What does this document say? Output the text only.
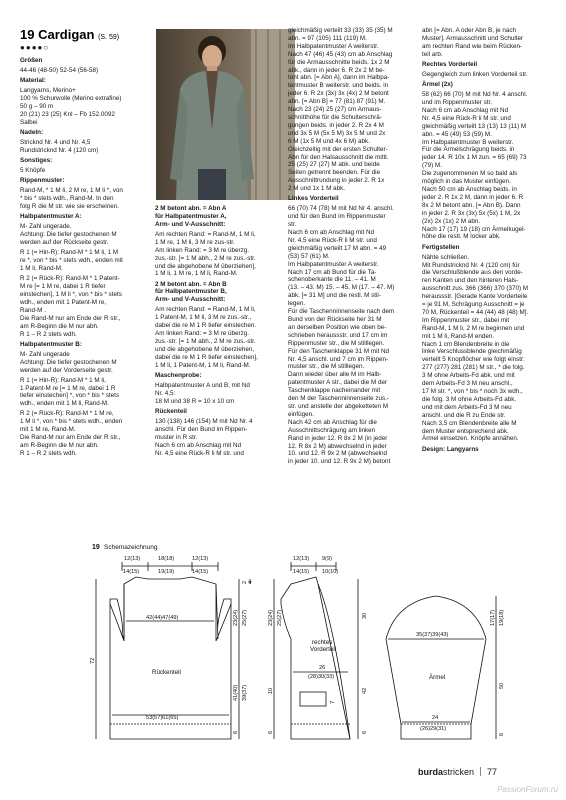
19 Cardigan (S. 59)
●●●●○

Größen

44-46 (48-50) 52-54 (56-58)

Material:

Langyarns, Merino+
100 % Schurwolle (Merino extrafine)
50 g – 90 m
20 (21) 23 (25) Knl – Fb 152.0092
Salbei

Nadeln:

Stricknd Nr. 4 und Nr. 4,5
Rundstricknd Nr. 4 (120 cm)

Sonstiges:

5 Knöpfe

Rippenmuster:

Rand-M, * 1 M li, 2 M re, 1 M li *, von
* bis * stets wdh., Rand-M. In den
folg R die M str. wie sie erscheinen.

Halbpatentmuster A:

M- Zahl ungerade.
Achtung: Die tiefer gestochenen M
werden auf der Rückseite gestr.

R 1 (= Hin-R): Rand-M * 1 M li, 1 M
re *, von * bis * stets wdh., enden mit
1 M li, Rand-M.

R 2 (= Rück-R): Rand-M * 1 Patent-
M re [= 1 M re, dabei 1 R tiefer
einstechen], 1 M li *, von * bis * stets
wdh., enden mit 1 Patent-M re,
Rand-M .
Die Rand-M nur am Ende der R str.,
am R-Beginn die M nur abh.
R 1 – R 2 stets wdh.

Halbpatentmuster B:

M- Zahl ungerade
Achtung: Die tiefer gestochenen M
werden auf der Vorderseite gestr.

R 1 (= Hin-R): Rand-M * 1 M li,
1 Patent-M re [= 1 M re, dabei 1 R
tiefer einstechen] *, von * bis * stets
wdh., enden mit 1 M li, Rand-M.

R 2 (= Rück-R): Rand-M * 1 M re,
1 M li *, von * bis * stets wdh., enden
mit 1 M re, Rand-M.
Die Rand-M nur am Ende der R str.,
am R-Beginn die M nur abh.
R 1 – R 2 stets wdh.

2 M betont abn. = Abn A
für Halbpatentmuster A,
Arm- und V-Ausschnitt:

Am rechten Rand: = Rand-M, 1 M li,
1 M re, 1 M li, 3 M re zus-str.
Am linken Rand: = 3 M re überzg.
zus.-str. [= 1 M abh., 2 M re zus.-str.
und die abgehobene M überziehen],
1 M li, 1 M re, 1 M li, Rand-M.

2 M betont abn. = Abn B
für Halbpatentmuster B,
Arm- und V-Ausschnitt:

Am rechten Rand: = Rand-M, 1 M li,
1 Patent-M, 1 M li, 3 M re zus.-str.,
dabei die re M 1 R tiefer einstechen.
Am linken Rand: = 3 M re überzg.
zus.-str. [= 1 M abh., 2 M re zus.-str.
und die abgehobene M überziehen,
dabei die re M 1 R tiefer einstechen],
1 M li, 1 Patent-M, 1 M li, Rand-M.

Maschenprobe:

Halbpatentmuster A und B, mit Nd
Nr. 4,5:
18 M und 38 R = 10 x 10 cm

Rückenteil

130 (138) 146 (154) M mit Nd Nr. 4
anschl. Für den Bund im Rippen-
muster in R str.
Nach 6 cm ab Anschlag mit Nd
Nr. 4,5 eine Rück-R li M str. und

gleichmäßig verteilt 33 (33) 35 (35) M
abn. = 97 (105) 111 (119) M.
Im Halbpatentmuster A weiterstr.
Nach 47 (46) 45 (43) cm ab Anschlag
für die Armausschnitte beids. 1x 2 M
abk., dann in jeder 6. R 2x 2 M be-
tont abn. [= Abn A], dann im Halbpa-
tentmuster B weiterstr. und beids. in
jeder 6. R 2x (3x) 3x (4x) 2 M betont
abn. [= Abn B] = 77 (81) 87 (91) M.
Nach 23 (24) 25 (27) cm Armaus-
schnitthöhe für die Schulterschrä-
gungen beids. in jeder 2. R 2x 4 M
und 3x 5 M (5x 5 M) 3x 5 M und 2x
6 M (1x 5 M und 4x 6 M) abk.
Gleichzeitig mit der ersten Schulter-
Abn für den Halsausschnitt die mittl.
25 (25) 27 (27) M abk. und beide
Seiten getrennt beenden. Für die
Ausschnittrundung in jeder 2. R 1x
2 M und 1x 1 M abk.

Linkes Vorderteil

66 (70) 74 (78) M mit Nd Nr 4. anschl.
und für den Bund im Rippenmuster
str.
Nach 6 cm ab Anschlag mit Nd
Nr. 4,5 eine Rück-R li M str. und
gleichmäßig verteilt 17 M abn. = 49
(53) 57 (61) M.
Im Halbpatentmuster A weiterstr.
Nach 17 cm ab Bund für die Ta-
schenoberkante die 11. – 41. M
(13. – 43. M) 15. – 45. M (17. – 47. M)
abk. [= 31 M] und die restl. M stil-
legen.
Für die Taschenninnenseite nach dem
Bund von der Rückseite her 31 M
an derselben Position wie oben be-
schrieben heraussstr. und 17 cm im
Rippenmuster str., die M stilllegen.
Für den Taschenklappe 31 M mit Nd
Nr. 4,5 anschl. und 7 cm im Rippen-
muster str., die M stilllegen.
Dann wieder über alle M im Halb-
patentmuster A str., dabei die M der
Taschenklappe nacheinander mit
den M der Taschenninnenseite zus.-
str. und anstelle der abgeketteten M
einfügen.
Nach 42 cm ab Anschlag für die
Ausschnittschrägung am linken
Rand in jeder 12. R 8x 2 M (in jeder
12. R 8x 2 M) abwechselnd in jeder
10. und 12. R 9x 2 M (abwechselnd
in jeder 10. und 12. R 9x 2 M) betont

abn [= Abn. A oder Abn B, je nach
Muster]. Armausschnitt und Schulter
am rechten Rand wie beim Rücken-
teil arb.

Rechtes Vorderteil

Gegengleich zum linken Vorderteil str.

Ärmel (2x)

58 (62) 66 (70) M mit Nd Nr. 4 anschl.
und im Rippenmuster str.
Nach 6 cm ab Anschlag mit Nd
Nr. 4,5 eine Rück-R li M str. und
gleichmäßig verteilt 13 (13) 13 (11) M
abn. = 45 (49) 53 (59) M.
Im Halbpatentmuster B weiterstr.
Für die Ärmelschrägung beids. in
jeder 14. R 10x 1 M zun. = 65 (69) 73
(79) M.
Die zugenommenen M so bald als
möglich in das Muster einfügen.
Nach 50 cm ab Anschlag beids. in
jeder 2. R 1x 2 M, dann in jeder 6. R
8x 2 M betont abn. [= Abn B). Dann
in jeder 2. R 3x (3x) 5x (5x) 1 M, 2x
(2x) 2x (1x) 2 M abn.
Nach 17 (17) 19 (18) cm Ärmelkugel-
höhe die restl. M locker abk.

Fertigstellen

Nähte schließen.
Mit Rundstricknd Nr. 4 (120 cm) für
die Verschlußblende aus den vorde-
ren Kanten und den hinteren Hals-
ausschnitt zus. 366 (366) 370 (370) M
heraussstr. [Gerade Kante Vorderteile
= je 91 M, Schrägung Ausschnitt = je
70 M, Rückenteil = 44 (44) 48 (48) M].
Im Rippenmuster str., dabei mit
Rand-M, 1 M li, 2 M re beginnen und
mit 1 M li, Rand-M enden.
Nach 1 cm Blendenbreite in die
linke Verschlussblende gleichmäßig
verteilt 5 Knopflöcher wie folgt einstr:
277 (277) 281 (281) M str., * die folg.
3 M ohne Arbeits-Fd abk. und mit
dem Arbeits-Fd 3 M neu anschl.,
17 M str. *, von * bis * noch 3x wdh.,
die folg. 3 M ohne Arbeits-Fd abk.
und mit dem Arbeits-Fd 3 M neu
anschl. und die R zu Ende str.
Nach 3,5 cm Blendenbreite alle M
dem Muster entsprechend abk.
Ärmel einsetzen. Knöpfe annähen.

Design: Langyarns

19 Schemazeichnung
12(13)
14(15)
18(18)
19(19)
12(13)
14(15)
42(44)47(49)
Rückenteil
53(57)61(65)
72
23(24) 25(27)
41(40) 39(37)
6
2 4
12(13)
14(15)
9(9)
10(10)
rechtes
Vorderteil
26
(28)30(33)
23(24) 25(27)
10
6
30
42
6
7
35(37)39(43)
Ärmel
24
(26)29(31)
17(17) 19(18)
50
6
burdastricken 77
PassionForum.ru
